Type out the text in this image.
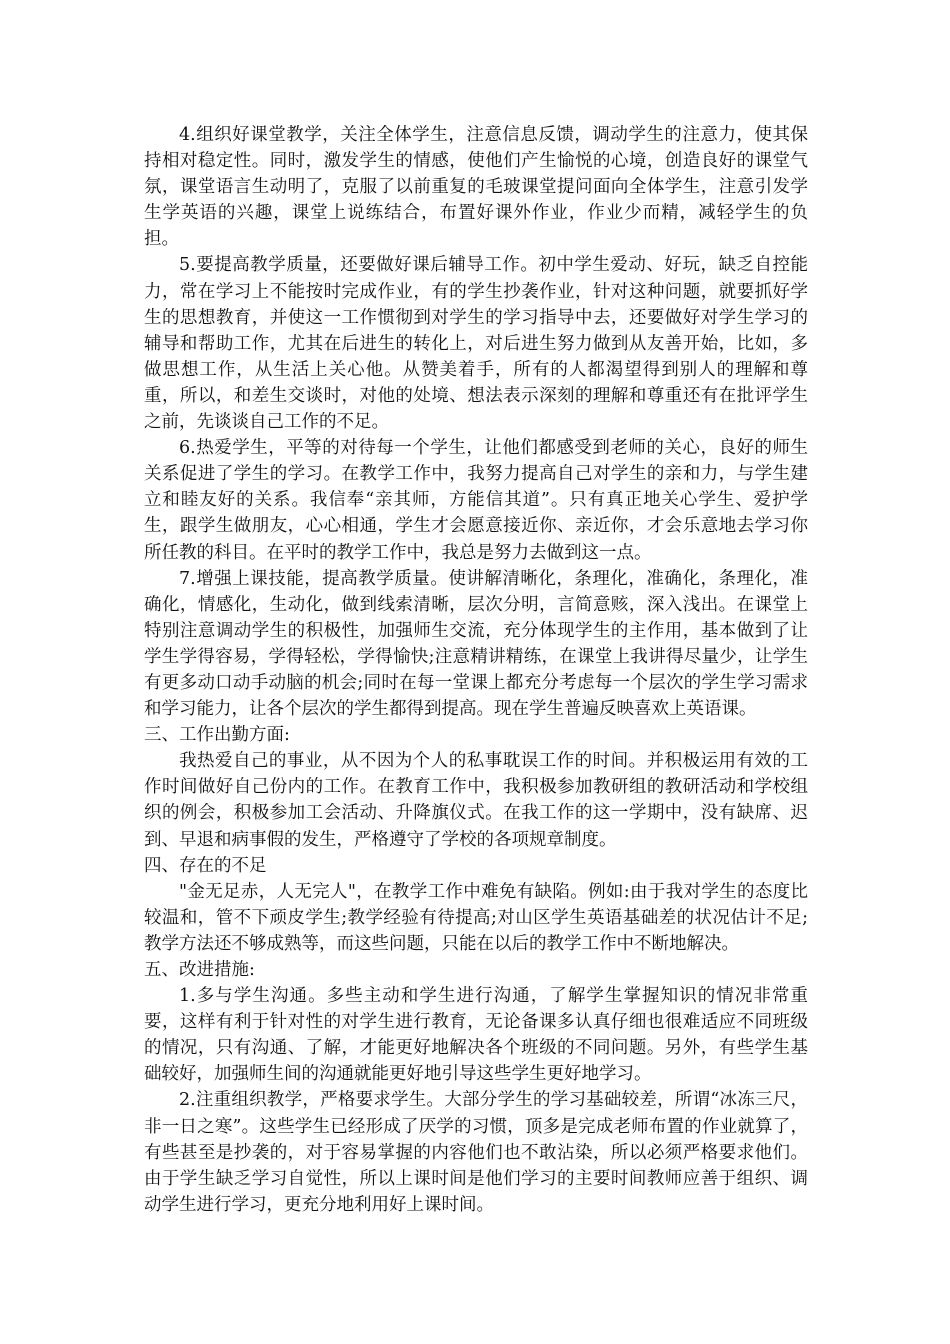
4.组织好课堂教学，关注全体学生，注意信息反馈，调动学生的注意力，使其保持相对稳定性。同时，激发学生的情感，使他们产生愉悦的心境，创造良好的课堂气氛，课堂语言生动明了，克服了以前重复的毛玻课堂提问面向全体学生，注意引发学生学英语的兴趣，课堂上说练结合，布置好课外作业，作业少而精，减轻学生的负担。

5.要提高教学质量，还要做好课后辅导工作。初中学生爱动、好玩，缺乏自控能力，常在学习上不能按时完成作业，有的学生抄袭作业，针对这种问题，就要抓好学生的思想教育，并使这一工作惯彻到对学生的学习指导中去，还要做好对学生学习的辅导和帮助工作，尤其在后进生的转化上，对后进生努力做到从友善开始，比如，多做思想工作，从生活上关心他。从赞美着手，所有的人都渴望得到别人的理解和尊重，所以，和差生交谈时，对他的处境、想法表示深刻的理解和尊重还有在批评学生之前，先谈谈自己工作的不足。

6.热爱学生，平等的对待每一个学生，让他们都感受到老师的关心，良好的师生关系促进了学生的学习。在教学工作中，我努力提高自己对学生的亲和力，与学生建立和睦友好的关系。我信奉“亲其师，方能信其道”。只有真正地关心学生、爱护学生，跟学生做朋友，心心相通，学生才会愿意接近你、亲近你，才会乐意地去学习你所任教的科目。在平时的教学工作中，我总是努力去做到这一点。

7.增强上课技能，提高教学质量。使讲解清晰化，条理化，准确化，条理化，准确化，情感化，生动化，做到线索清晰，层次分明，言简意赅，深入浅出。在课堂上特别注意调动学生的积极性，加强师生交流，充分体现学生的主作用，基本做到了让学生学得容易，学得轻松，学得愉快;注意精讲精练，在课堂上我讲得尽量少，让学生有更多动口动手动脑的机会;同时在每一堂课上都充分考虑每一个层次的学生学习需求和学习能力，让各个层次的学生都得到提高。现在学生普遍反映喜欢上英语课。

三、工作出勤方面:

我热爱自己的事业，从不因为个人的私事耽误工作的时间。并积极运用有效的工作时间做好自己份内的工作。在教育工作中，我积极参加教研组的教研活动和学校组织的例会，积极参加工会活动、升降旗仪式。在我工作的这一学期中，没有缺席、迟到、早退和病事假的发生，严格遵守了学校的各项规章制度。

四、存在的不足

"金无足赤，人无完人"，在教学工作中难免有缺陷。例如:由于我对学生的态度比较温和，管不下顽皮学生;教学经验有待提高;对山区学生英语基础差的状况估计不足;教学方法还不够成熟等，而这些问题，只能在以后的教学工作中不断地解决。

五、改进措施:

1.多与学生沟通。多些主动和学生进行沟通，了解学生掌握知识的情况非常重要，这样有利于针对性的对学生进行教育，无论备课多认真仔细也很难适应不同班级的情况，只有沟通、了解，才能更好地解决各个班级的不同问题。另外，有些学生基础较好，加强师生间的沟通就能更好地引导这些学生更好地学习。

2.注重组织教学，严格要求学生。大部分学生的学习基础较差，所谓“冰冻三尺，非一日之寒”。这些学生已经形成了厌学的习惯，顶多是完成老师布置的作业就算了，有些甚至是抄袭的，对于容易掌握的内容他们也不敢沾染，所以必须严格要求他们。由于学生缺乏学习自觉性，所以上课时间是他们学习的主要时间教师应善于组织、调动学生进行学习，更充分地利用好上课时间。
